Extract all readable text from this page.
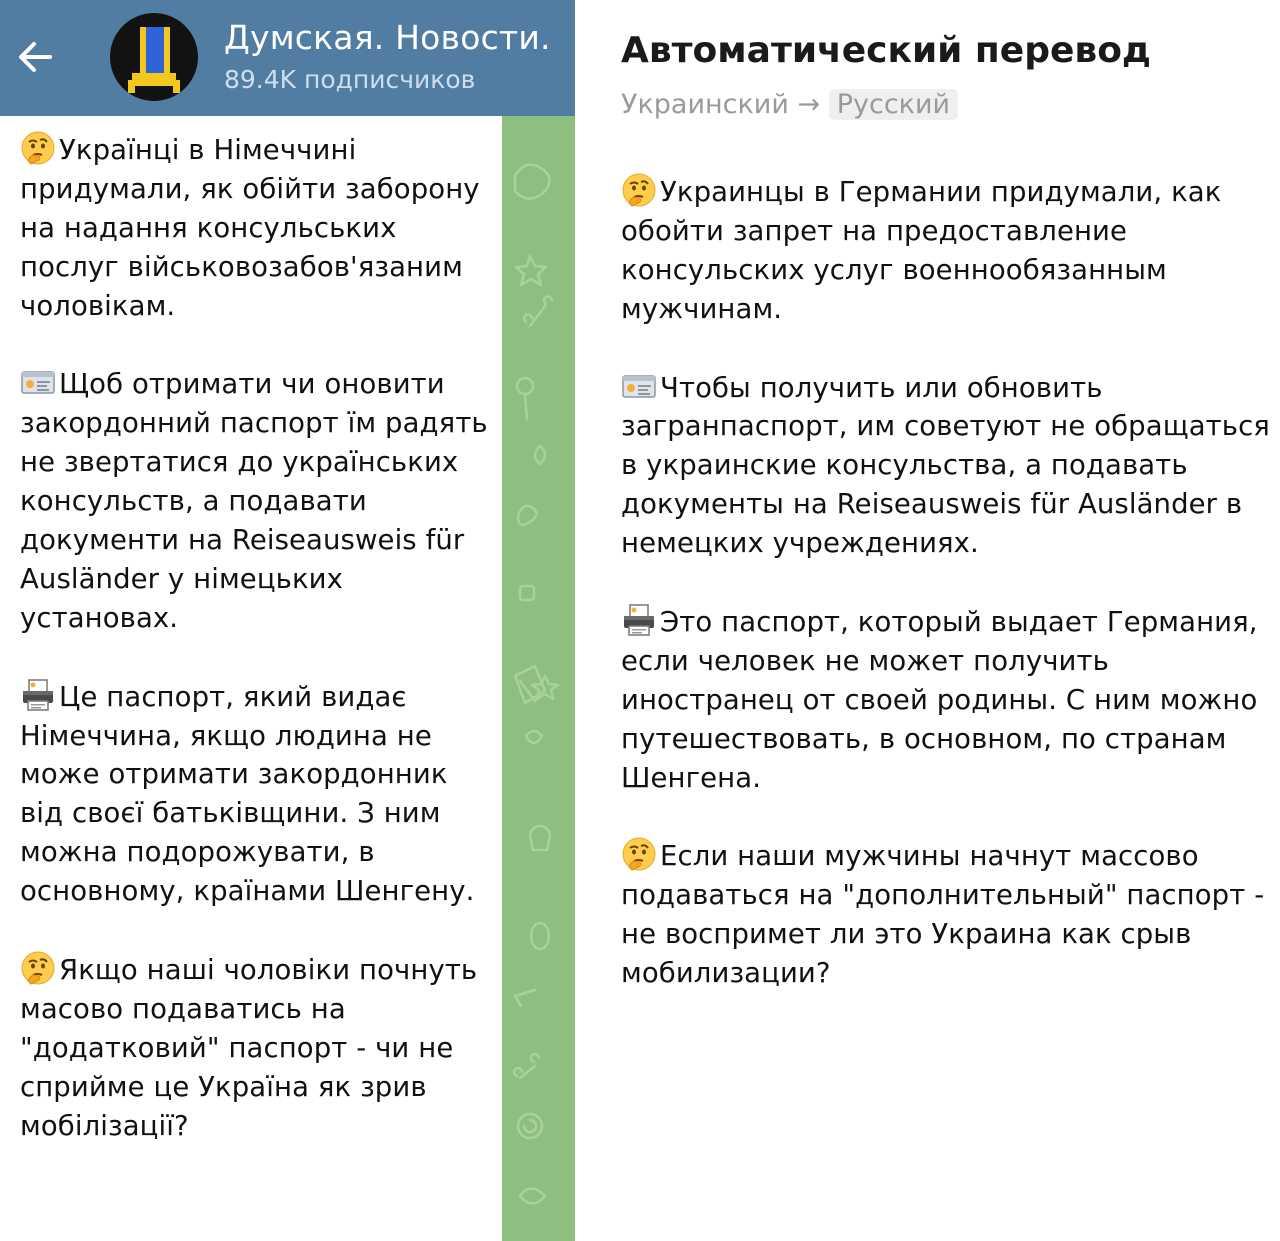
Думская. Новости.
89.4K подписчиков

Українці в Німеччині придумали, як обійти заборону на надання консульських послуг військовозабов'язаним чоловікам.

Щоб отримати чи оновити закордонний паспорт їм радять не звертатися до українських консульств, а подавати документи на Reiseausweis für Ausländer у німецьких установах.

Це паспорт, який видає Німеччина, якщо людина не може отримати закордонник від своєї батьківщини. З ним можна подорожувати, в основному, країнами Шенгену.

Якщо наші чоловіки почнуть масово подаватись на "додатковий" паспорт - чи не сприйме це Україна як зрив мобілізації?

Автоматический перевод
Украинский → Русский

Украинцы в Германии придумали, как обойти запрет на предоставление консульских услуг военнообязанным мужчинам.

Чтобы получить или обновить загранпаспорт, им советуют не обращаться в украинские консульства, а подавать документы на Reiseausweis für Ausländer в немецких учреждениях.

Это паспорт, который выдает Германия, если человек не может получить иностранец от своей родины. С ним можно путешествовать, в основном, по странам Шенгена.

Если наши мужчины начнут массово подаваться на "дополнительный" паспорт - не воспримет ли это Украина как срыв мобилизации?
